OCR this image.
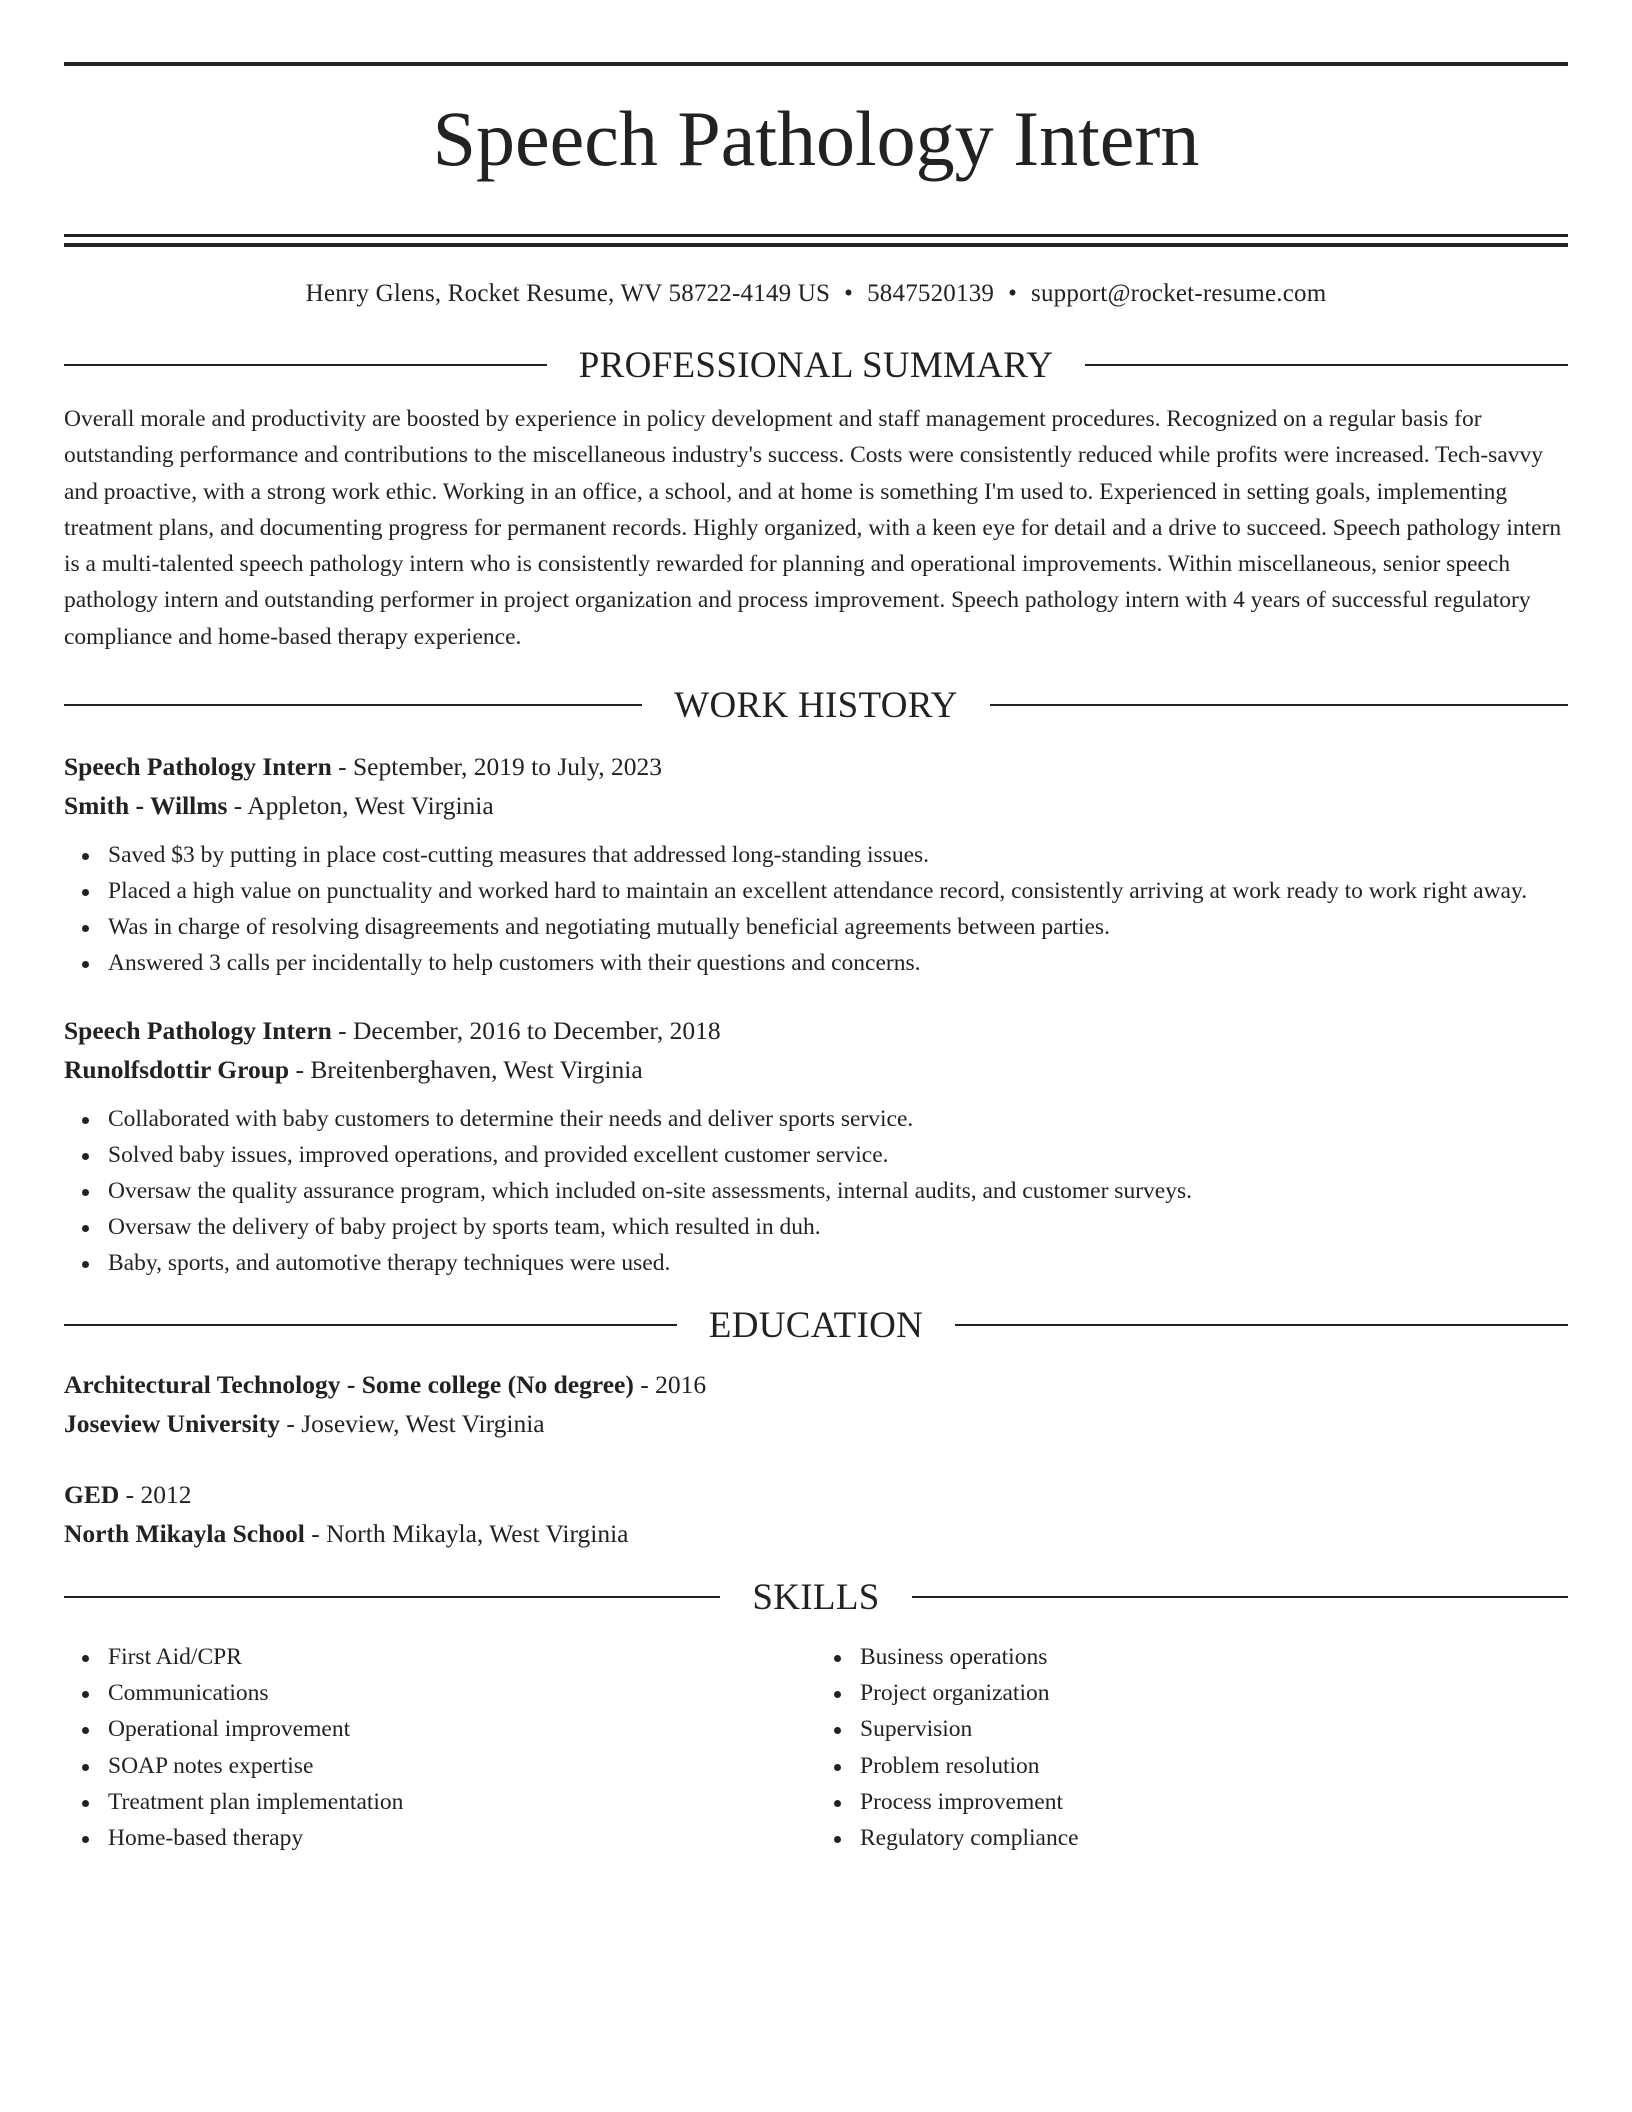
Speech Pathology Intern
Henry Glens, Rocket Resume, WV 58722-4149 US • 5847520139 • support@rocket-resume.com
PROFESSIONAL SUMMARY
Overall morale and productivity are boosted by experience in policy development and staff management procedures. Recognized on a regular basis for outstanding performance and contributions to the miscellaneous industry's success. Costs were consistently reduced while profits were increased. Tech-savvy and proactive, with a strong work ethic. Working in an office, a school, and at home is something I'm used to. Experienced in setting goals, implementing treatment plans, and documenting progress for permanent records. Highly organized, with a keen eye for detail and a drive to succeed. Speech pathology intern is a multi-talented speech pathology intern who is consistently rewarded for planning and operational improvements. Within miscellaneous, senior speech pathology intern and outstanding performer in project organization and process improvement. Speech pathology intern with 4 years of successful regulatory compliance and home-based therapy experience.
WORK HISTORY
Speech Pathology Intern - September, 2019 to July, 2023
Smith - Willms - Appleton, West Virginia
Saved $3 by putting in place cost-cutting measures that addressed long-standing issues.
Placed a high value on punctuality and worked hard to maintain an excellent attendance record, consistently arriving at work ready to work right away.
Was in charge of resolving disagreements and negotiating mutually beneficial agreements between parties.
Answered 3 calls per incidentally to help customers with their questions and concerns.
Speech Pathology Intern - December, 2016 to December, 2018
Runolfsdottir Group - Breitenberghaven, West Virginia
Collaborated with baby customers to determine their needs and deliver sports service.
Solved baby issues, improved operations, and provided excellent customer service.
Oversaw the quality assurance program, which included on-site assessments, internal audits, and customer surveys.
Oversaw the delivery of baby project by sports team, which resulted in duh.
Baby, sports, and automotive therapy techniques were used.
EDUCATION
Architectural Technology - Some college (No degree) - 2016
Joseview University - Joseview, West Virginia
GED - 2012
North Mikayla School - North Mikayla, West Virginia
SKILLS
First Aid/CPR
Communications
Operational improvement
SOAP notes expertise
Treatment plan implementation
Home-based therapy
Business operations
Project organization
Supervision
Problem resolution
Process improvement
Regulatory compliance
